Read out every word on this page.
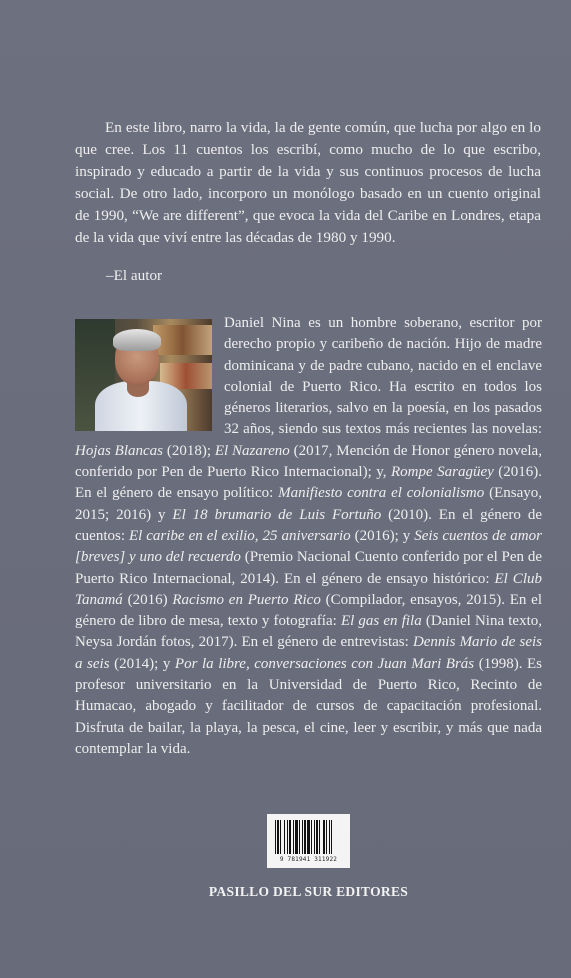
En este libro, narro la vida, la de gente común, que lucha por algo en lo que cree. Los 11 cuentos los escribí, como mucho de lo que escribo, inspirado y educado a partir de la vida y sus continuos procesos de lucha social. De otro lado, incorporo un monólogo basado en un cuento original de 1990, “We are different”, que evoca la vida del Caribe en Londres, etapa de la vida que viví entre las décadas de 1980 y 1990.

–El autor
Daniel Nina es un hombre soberano, escritor por derecho propio y caribeño de nación. Hijo de madre dominicana y de padre cubano, nacido en el enclave colonial de Puerto Rico. Ha escrito en todos los géneros literarios, salvo en la poesía, en los pasados 32 años, siendo sus textos más recientes las novelas: Hojas Blancas (2018); El Nazareno (2017, Mención de Honor género novela, conferido por Pen de Puerto Rico Internacional); y, Rompe Saragüey (2016). En el género de ensayo político: Manifiesto contra el colonialismo (Ensayo, 2015; 2016) y El 18 brumario de Luis Fortuño (2010). En el género de cuentos: El caribe en el exilio, 25 aniversario (2016); y Seis cuentos de amor [breves] y uno del recuerdo (Premio Nacional Cuento conferido por el Pen de Puerto Rico Internacional, 2014). En el género de ensayo histórico: El Club Tanamá (2016) Racismo en Puerto Rico (Compilador, ensayos, 2015). En el género de libro de mesa, texto y fotografía: El gas en fila (Daniel Nina texto, Neysa Jordán fotos, 2017). En el género de entrevistas: Dennis Mario de seis a seis (2014); y Por la libre, conversaciones con Juan Mari Brás (1998). Es profesor universitario en la Universidad de Puerto Rico, Recinto de Humacao, abogado y facilitador de cursos de capacitación profesional. Disfruta de bailar, la playa, la pesca, el cine, leer y escribir, y más que nada contemplar la vida.
9 781941 311922
PASILLO DEL SUR EDITORES
